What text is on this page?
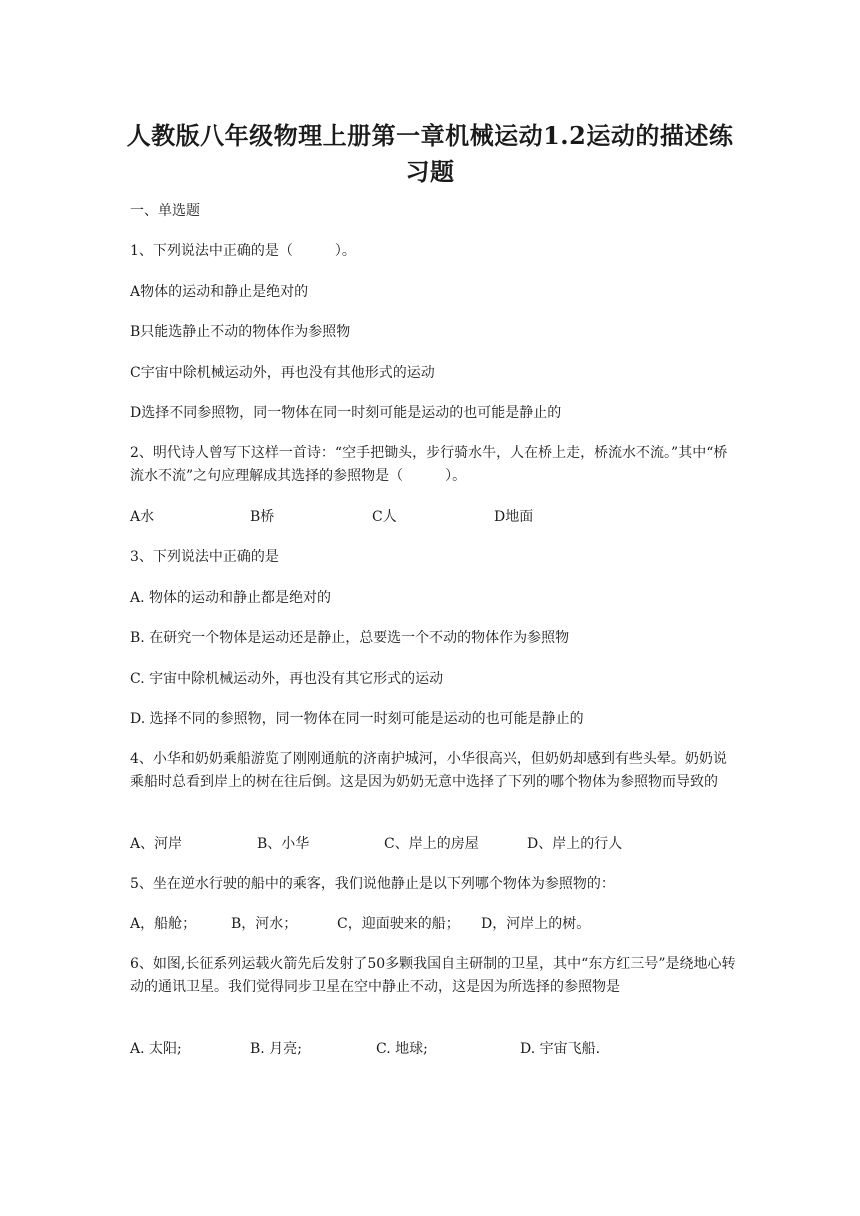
人教版八年级物理上册第一章机械运动1.2运动的描述练习题

一、单选题

1、下列说法中正确的是（　　　）。

A物体的运动和静止是绝对的

B只能选静止不动的物体作为参照物

C宇宙中除机械运动外，再也没有其他形式的运动

D选择不同参照物，同一物体在同一时刻可能是运动的也可能是静止的

2、明代诗人曾写下这样一首诗：“空手把锄头，步行骑水牛，人在桥上走，桥流水不流。”其中“桥流水不流”之句应理解成其选择的参照物是（　　　）。

A水	B桥	C人	D地面

3、下列说法中正确的是

A. 物体的运动和静止都是绝对的

B. 在研究一个物体是运动还是静止，总要选一个不动的物体作为参照物

C. 宇宙中除机械运动外，再也没有其它形式的运动

D. 选择不同的参照物，同一物体在同一时刻可能是运动的也可能是静止的

4、小华和奶奶乘船游览了刚刚通航的济南护城河，小华很高兴，但奶奶却感到有些头晕。奶奶说乘船时总看到岸上的树在往后倒。这是因为奶奶无意中选择了下列的哪个物体为参照物而导致的

A、河岸	B、小华	C、岸上的房屋	D、岸上的行人

5、坐在逆水行驶的船中的乘客，我们说他静止是以下列哪个物体为参照物的：

A，船舱； B，河水；	C，迎面驶来的船； D，河岸上的树。

6、如图,长征系列运载火箭先后发射了50多颗我国自主研制的卫星，其中“东方红三号”是绕地心转动的通讯卫星。我们觉得同步卫星在空中静止不动，这是因为所选择的参照物是

A. 太阳;	B. 月亮;	C. 地球;	D. 宇宙飞船.
